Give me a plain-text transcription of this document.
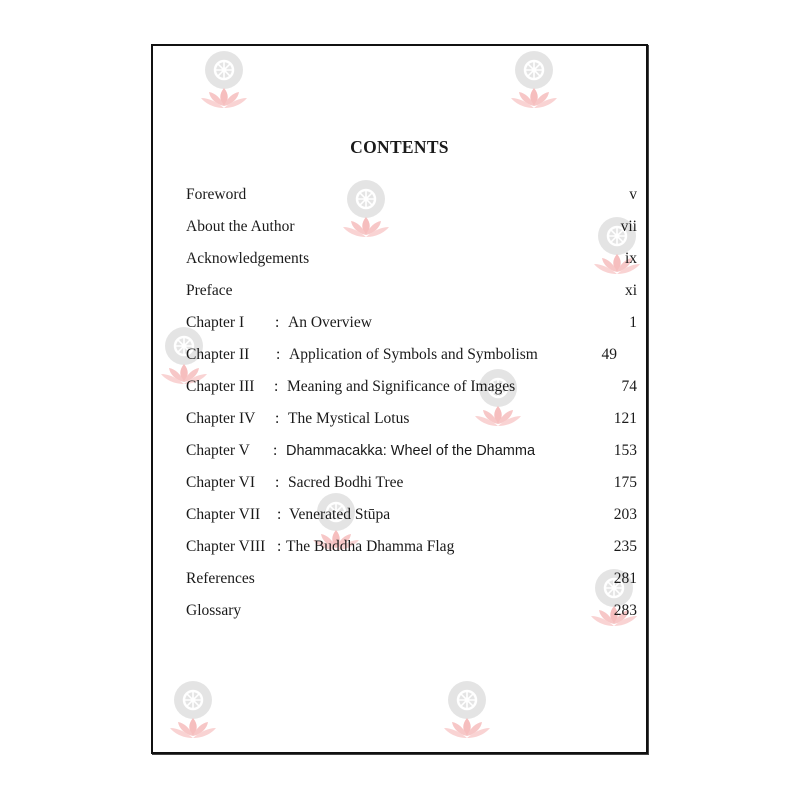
CONTENTS
Foreword	v
About the Author	vii
Acknowledgements	ix
Preface	xi
Chapter I : An Overview	1
Chapter II : Application of Symbols and Symbolism	49
Chapter III : Meaning and Significance of Images	74
Chapter IV : The Mystical Lotus	121
Chapter V : Dhammacakka: Wheel of the Dhamma	153
Chapter VI : Sacred Bodhi Tree	175
Chapter VII : Venerated Stūpa	203
Chapter VIII : The Buddha Dhamma Flag	235
References	281
Glossary	283
